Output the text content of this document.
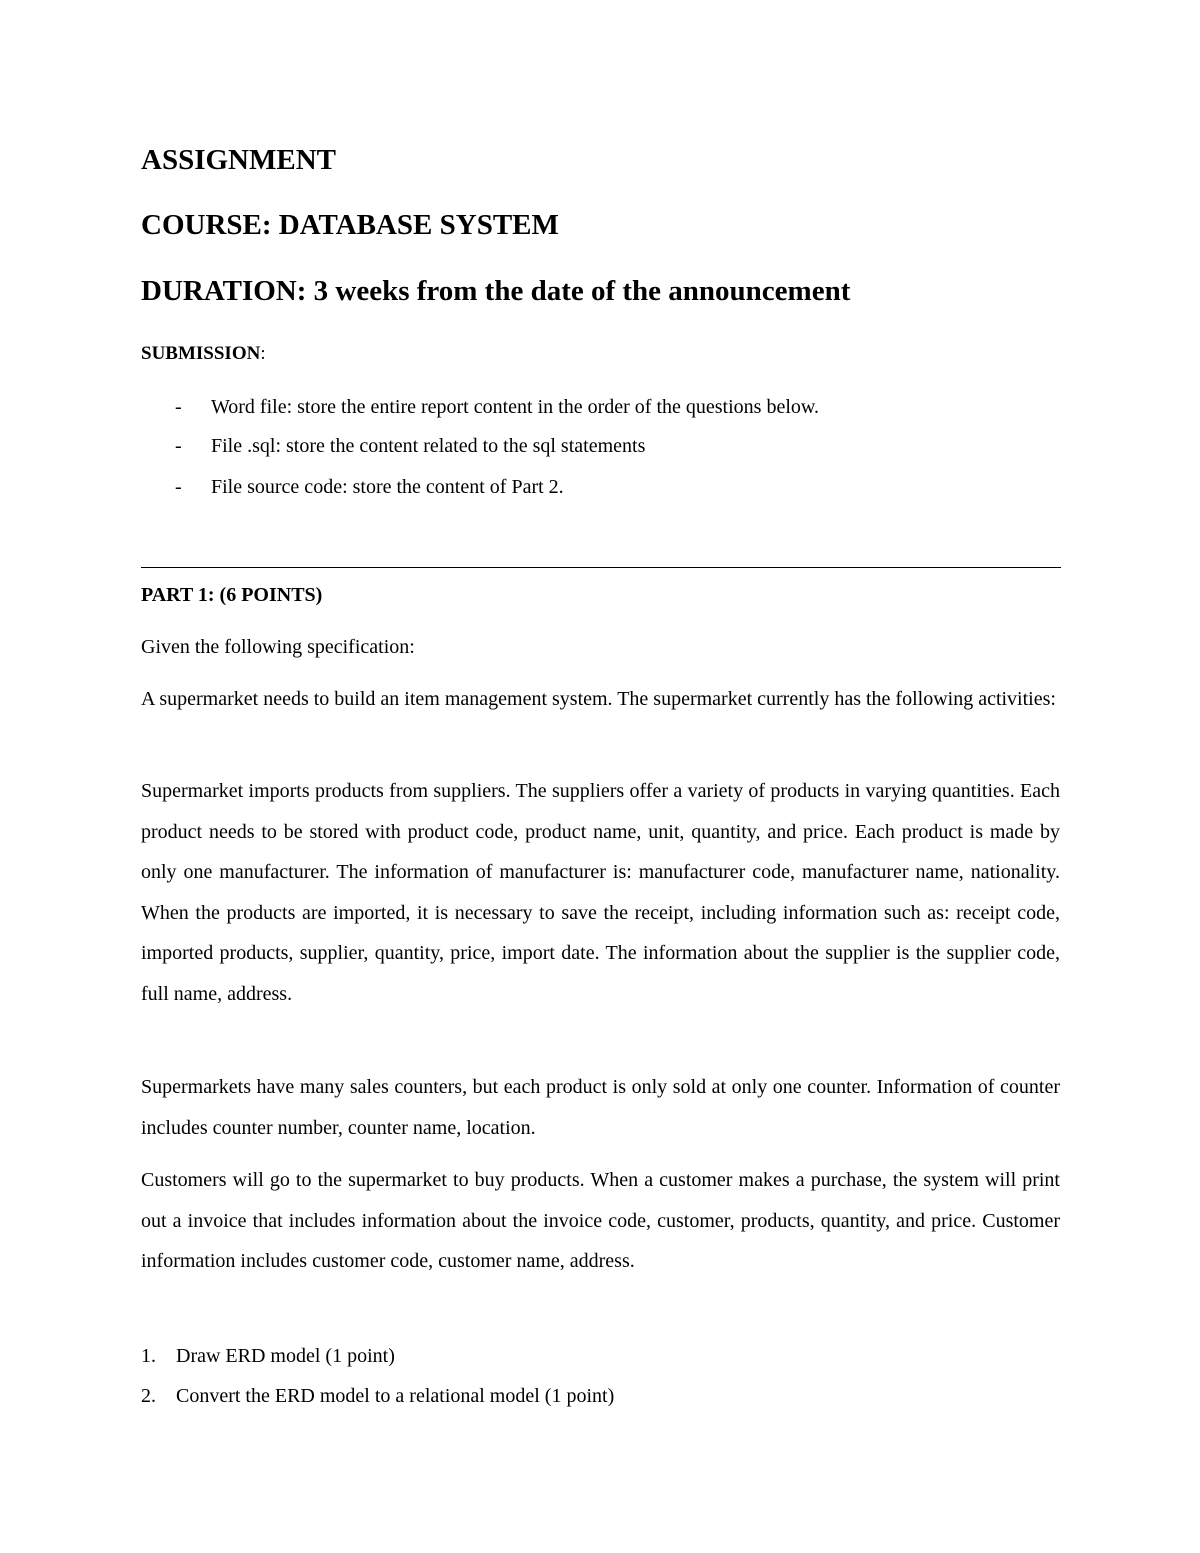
ASSIGNMENT
COURSE: DATABASE SYSTEM
DURATION: 3 weeks from the date of the announcement
SUBMISSION:
- Word file: store the entire report content in the order of the questions below.
- File .sql: store the content related to the sql statements
- File source code: store the content of Part 2.
PART 1: (6 POINTS)
Given the following specification:
A supermarket needs to build an item management system. The supermarket currently has the following activities:
Supermarket imports products from suppliers. The suppliers offer a variety of products in varying quantities. Each product needs to be stored with product code, product name, unit, quantity, and price. Each product is made by only one manufacturer. The information of manufacturer is: manufacturer code, manufacturer name, nationality. When the products are imported, it is necessary to save the receipt, including information such as: receipt code, imported products, supplier, quantity, price, import date. The information about the supplier is the supplier code, full name, address.
Supermarkets have many sales counters, but each product is only sold at only one counter. Information of counter includes counter number, counter name, location.
Customers will go to the supermarket to buy products. When a customer makes a purchase, the system will print out a invoice that includes information about the invoice code, customer, products, quantity, and price. Customer information includes customer code, customer name, address.
1. Draw ERD model (1 point)
2. Convert the ERD model to a relational model (1 point)
